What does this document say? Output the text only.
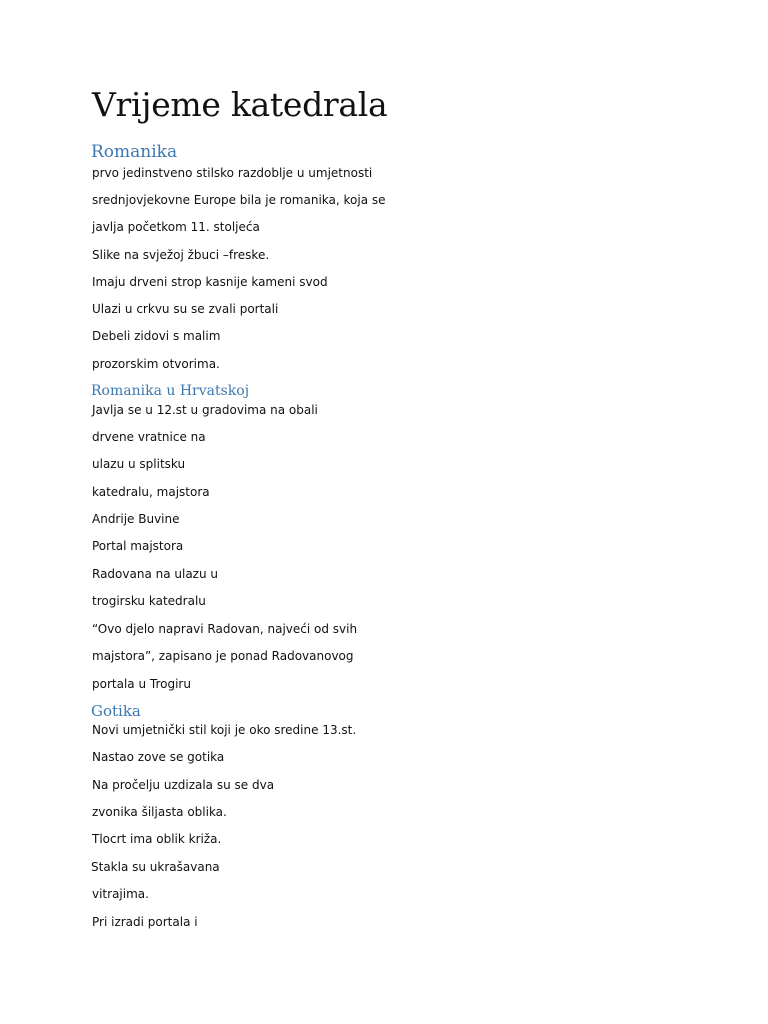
Vrijeme katedrala
Romanika

prvo jedinstveno stilsko razdoblje u umjetnosti

srednjovjekovne Europe bila je romanika, koja se

javlja početkom 11. stoljeća

Slike na svježoj žbuci –freske.

Imaju drveni strop kasnije kameni svod

Ulazi u crkvu su se zvali portali

Debeli zidovi s malim

prozorskim otvorima.

Romanika u Hrvatskoj

Javlja se u 12.st u gradovima na obali

drvene vratnice na

ulazu u splitsku

katedralu, majstora

Andrije Buvine

Portal majstora

Radovana na ulazu u

trogirsku katedralu

“Ovo djelo napravi Radovan, najveći od svih

majstora”, zapisano je ponad Radovanovog

portala u Trogiru

Gotika

Novi umjetnički stil koji je oko sredine 13.st.

Nastao zove se gotika

Na pročelju uzdizala su se dva

zvonika šiljasta oblika.

Tlocrt ima oblik križa.

Stakla su ukrašavana

vitrajima.

Pri izradi portala i
